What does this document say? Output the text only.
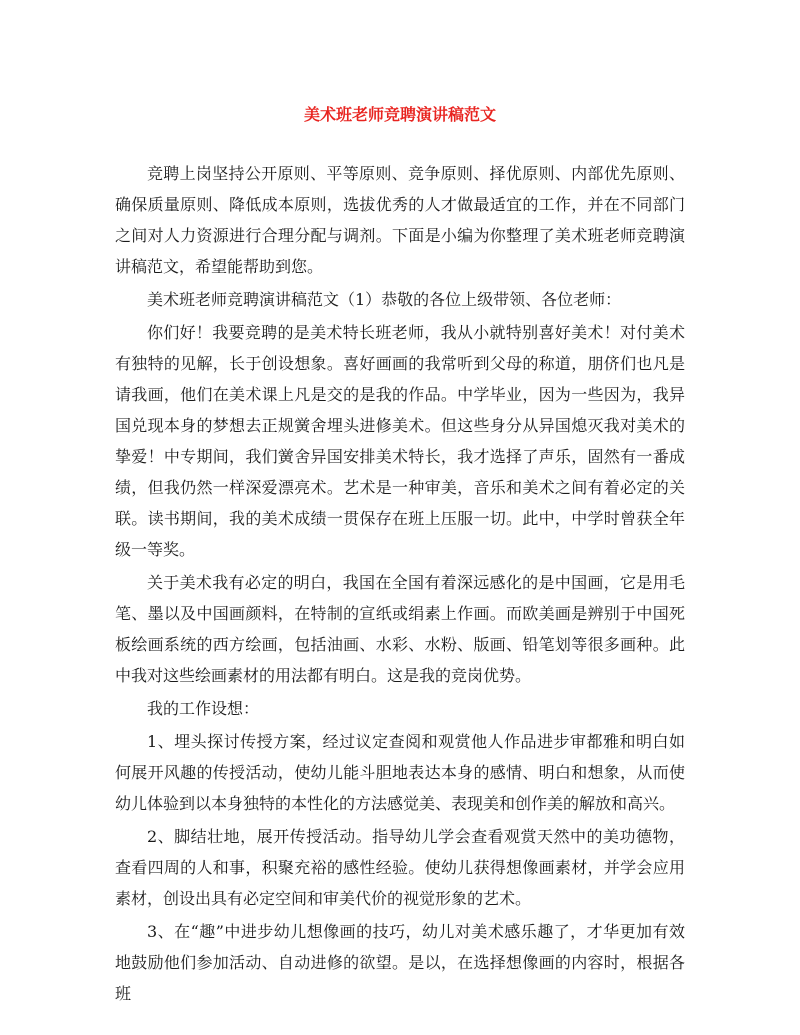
美术班老师竞聘演讲稿范文

竞聘上岗坚持公开原则、平等原则、竞争原则、择优原则、内部优先原则、确保质量原则、降低成本原则，选拔优秀的人才做最适宜的工作，并在不同部门之间对人力资源进行合理分配与调剂。下面是小编为你整理了美术班老师竞聘演讲稿范文，希望能帮助到您。

美术班老师竞聘演讲稿范文（1）恭敬的各位上级带领、各位老师：

你们好！我要竞聘的是美术特长班老师，我从小就特别喜好美术！对付美术有独特的见解，长于创设想象。喜好画画的我常听到父母的称道，朋侪们也凡是请我画，他们在美术课上凡是交的是我的作品。中学毕业，因为一些因为，我异国兑现本身的梦想去正规黉舍埋头进修美术。但这些身分从异国熄灭我对美术的挚爱！中专期间，我们黉舍异国安排美术特长，我才选择了声乐，固然有一番成绩，但我仍然一样深爱漂亮术。艺术是一种审美，音乐和美术之间有着必定的关联。读书期间，我的美术成绩一贯保存在班上压服一切。此中，中学时曾获全年级一等奖。

关于美术我有必定的明白，我国在全国有着深远感化的是中国画，它是用毛笔、墨以及中国画颜料，在特制的宣纸或绢素上作画。而欧美画是辨别于中国死板绘画系统的西方绘画，包括油画、水彩、水粉、版画、铅笔划等很多画种。此中我对这些绘画素材的用法都有明白。这是我的竞岗优势。

我的工作设想：

1、埋头探讨传授方案，经过议定查阅和观赏他人作品进步审都雅和明白如何展开风趣的传授活动，使幼儿能斗胆地表达本身的感情、明白和想象，从而使幼儿体验到以本身独特的本性化的方法感觉美、表现美和创作美的解放和高兴。

2、脚结壮地，展开传授活动。指导幼儿学会查看观赏天然中的美功德物，查看四周的人和事，积聚充裕的感性经验。使幼儿获得想像画素材，并学会应用素材，创设出具有必定空间和审美代价的视觉形象的艺术。

3、在“趣”中进步幼儿想像画的技巧，幼儿对美术感乐趣了，才华更加有效地鼓励他们参加活动、自动进修的欲望。是以，在选择想像画的内容时，根据各班
